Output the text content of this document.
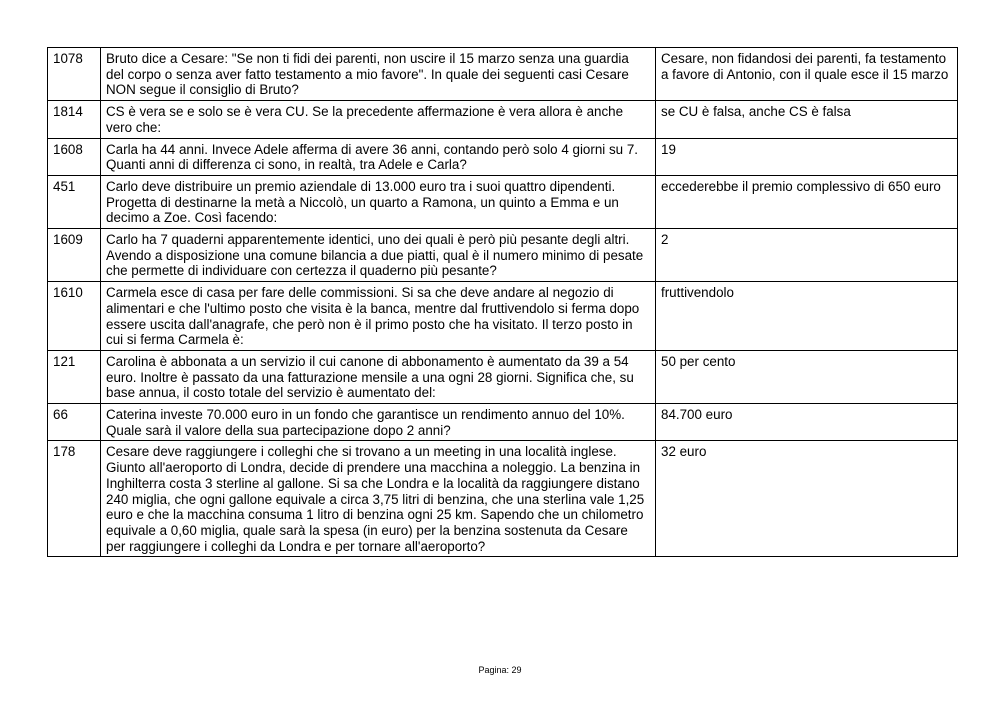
1078	Bruto dice a Cesare: "Se non ti fidi dei parenti, non uscire il 15 marzo senza una guardia del corpo o senza aver fatto testamento a mio favore". In quale dei seguenti casi Cesare NON segue il consiglio di Bruto?	Cesare, non fidandosi dei parenti, fa testamento a favore di Antonio, con il quale esce il 15 marzo
1814	CS è vera se e solo se è vera CU. Se la precedente affermazione è vera allora è anche vero che:	se CU è falsa, anche CS è falsa
1608	Carla ha 44 anni. Invece Adele afferma di avere 36 anni, contando però solo 4 giorni su 7. Quanti anni di differenza ci sono, in realtà, tra Adele e Carla?	19
451	Carlo deve distribuire un premio aziendale di 13.000 euro tra i suoi quattro dipendenti. Progetta di destinarne la metà a Niccolò, un quarto a Ramona, un quinto a Emma e un decimo a Zoe. Così facendo:	eccederebbe il premio complessivo di 650 euro
1609	Carlo ha 7 quaderni apparentemente identici, uno dei quali è però più pesante degli altri. Avendo a disposizione una comune bilancia a due piatti, qual è il numero minimo di pesate che permette di individuare con certezza il quaderno più pesante?	2
1610	Carmela esce di casa per fare delle commissioni. Si sa che deve andare al negozio di alimentari e che l'ultimo posto che visita è la banca, mentre dal fruttivendolo si ferma dopo essere uscita dall'anagrafe, che però non è il primo posto che ha visitato. Il terzo posto in cui si ferma Carmela è:	fruttivendolo
121	Carolina è abbonata a un servizio il cui canone di abbonamento è aumentato da 39 a 54 euro. Inoltre è passato da una fatturazione mensile a una ogni 28 giorni. Significa che, su base annua, il costo totale del servizio è aumentato del:	50 per cento
66	Caterina investe 70.000 euro in un fondo che garantisce un rendimento annuo del 10%. Quale sarà il valore della sua partecipazione dopo 2 anni?	84.700 euro
178	Cesare deve raggiungere i colleghi che si trovano a un meeting in una località inglese. Giunto all'aeroporto di Londra, decide di prendere una macchina a noleggio. La benzina in Inghilterra costa 3 sterline al gallone. Si sa che Londra e la località da raggiungere distano 240 miglia, che ogni gallone equivale a circa 3,75 litri di benzina, che una sterlina vale 1,25 euro e che la macchina consuma 1 litro di benzina ogni 25 km. Sapendo che un chilometro equivale a 0,60 miglia, quale sarà la spesa (in euro) per la benzina sostenuta da Cesare per raggiungere i colleghi da Londra e per tornare all'aeroporto?	32 euro
Pagina: 29
